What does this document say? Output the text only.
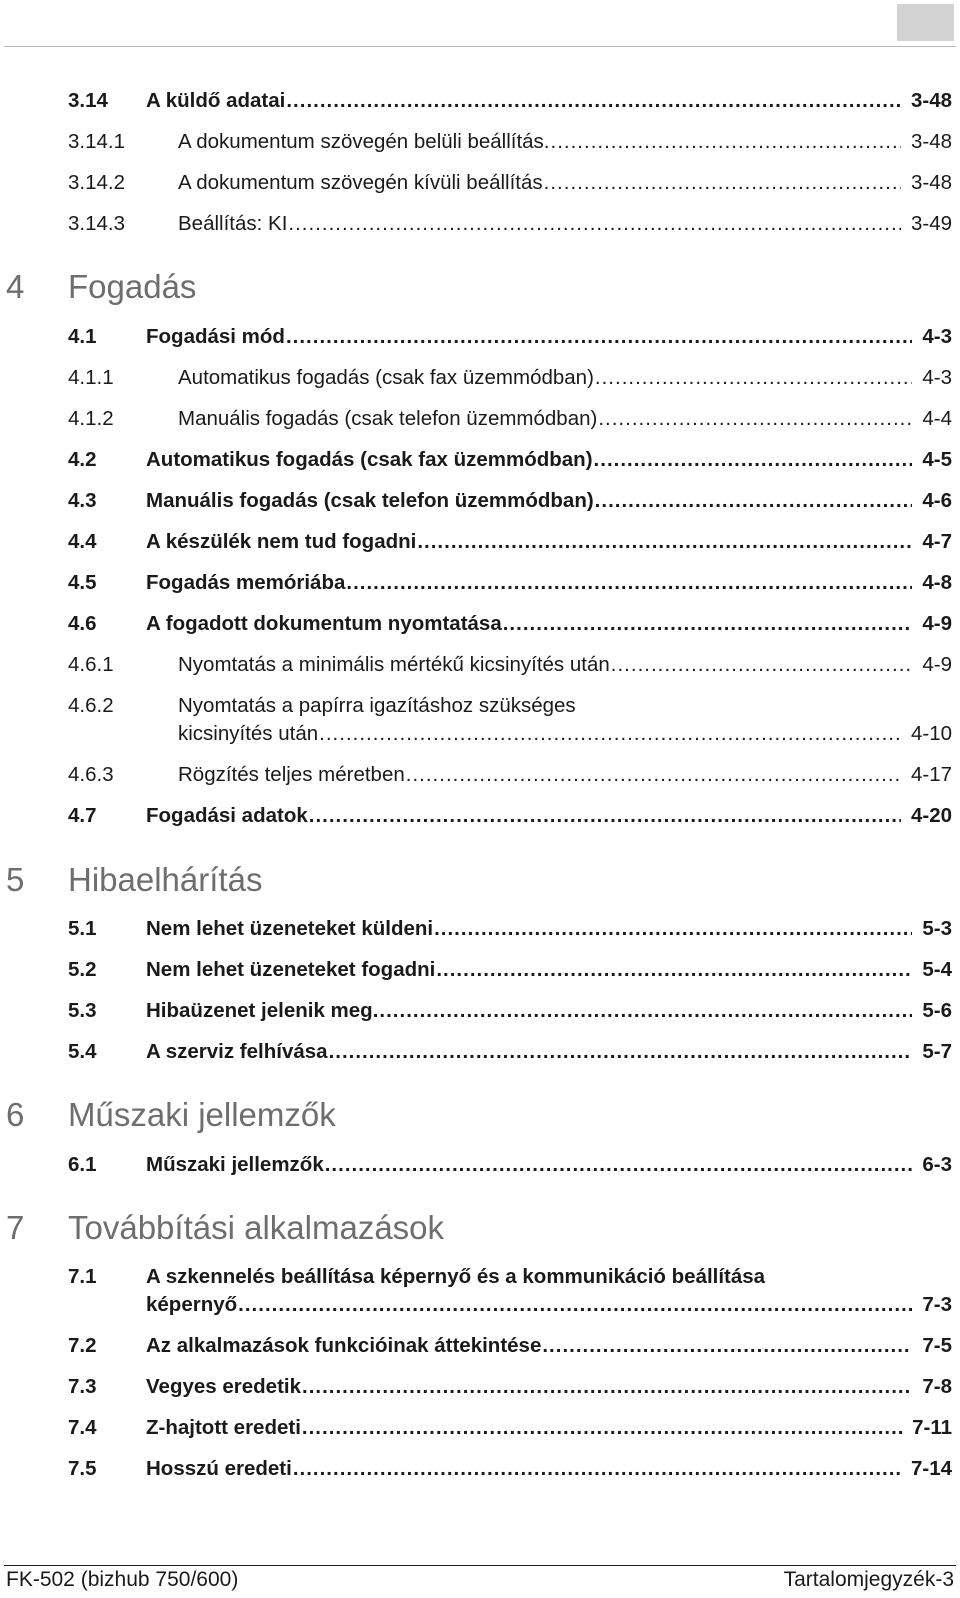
3.14 A küldő adatai .....	3-48
3.14.1	A dokumentum szövegén belüli beállítás. .....	3-48
3.14.2	A dokumentum szövegén kívüli beállítás .....	3-48
3.14.3	Beállítás: KI .....	3-49
4 Fogadás
4.1 Fogadási mód .....	4-3
4.1.1	Automatikus fogadás (csak fax üzemmódban) .....	4-3
4.1.2	Manuális fogadás (csak telefon üzemmódban) .....	4-4
4.2 Automatikus fogadás (csak fax üzemmódban) .....	4-5
4.3 Manuális fogadás (csak telefon üzemmódban) .....	4-6
4.4 A készülék nem tud fogadni .....	4-7
4.5 Fogadás memóriába .....	4-8
4.6 A fogadott dokumentum nyomtatása .....	4-9
4.6.1	Nyomtatás a minimális mértékű kicsinyítés után .....	4-9
4.6.2	Nyomtatás a papírra igazításhoz szükséges
kicsinyítés után .....	4-10
4.6.3	Rögzítés teljes méretben .....	4-17
4.7 Fogadási adatok .....	4-20
5 Hibaelhárítás
5.1 Nem lehet üzeneteket küldeni .....	5-3
5.2 Nem lehet üzeneteket fogadni .....	5-4
5.3 Hibaüzenet jelenik meg. .....	5-6
5.4 A szerviz felhívása .....	5-7
6 Műszaki jellemzők
6.1 Műszaki jellemzők .....	6-3
7 Továbbítási alkalmazások
7.1 A szkennelés beállítása képernyő és a kommunikáció beállítása
képernyő .....	7-3
7.2 Az alkalmazások funkcióinak áttekintése .....	7-5
7.3 Vegyes eredetik .....	7-8
7.4 Z-hajtott eredeti .....	7-11
7.5 Hosszú eredeti .....	7-14
FK-502 (bizhub 750/600)	Tartalomjegyzék-3
